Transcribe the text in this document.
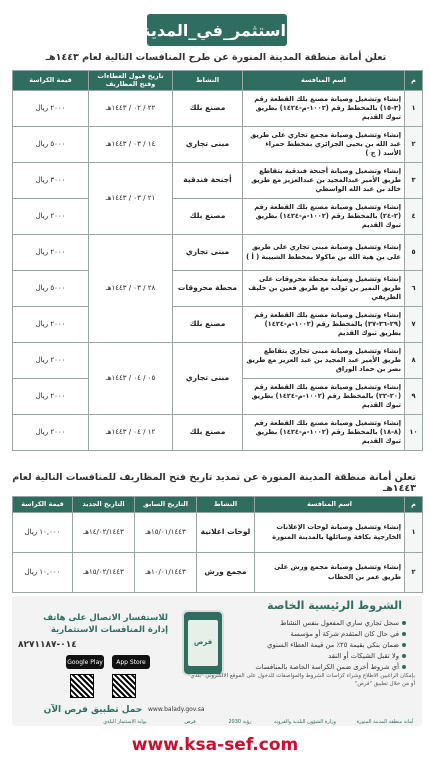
#استثمر_في_المدينة
تعلن أمانة منطقة المدينة المنورة عن طرح المنافسات التالية لعام ١٤٤٣هـ
م	اسم المنافسة	النشاط	تاريخ قبول العطاءات وفتح المظاريف	قيمة الكراسة
١	إنشاء وتشغيل وصيانة مصنع بلك القطعة رقم (٣-١٥) بالمخطط رقم (١٠٠٢-م-١٤٢٤) بطريق تبوك القديم	مصنع بلك	٢٢ / ٠٢ / ١٤٤٣هـ	٢٠٠٠ ريال
٢	إنشاء وتشغيل وصيانة مجمع تجاري على طريق عبد الله بن يحيى الجزائري بمخطط حمراء الأسد ( ج )	مبنى تجاري	١٤ / ٠٣ / ١٤٤٣هـ	٥٠٠٠ ريال
٣	إنشاء وتشغيل وصيانة أجنحة فندقية بتقاطع طريق الأمير عبدالمجيد بن عبدالعزيز مع طريق خالد بن عبد الله الواسطي	أجنحة فندقية	٢١ / ٠٣ / ١٤٤٣هـ	٣٠٠٠ ريال
٤	إنشاء وتشغيل وصيانة مصنع بلك القطعة رقم (٢-٢٤) بالمخطط رقم (١٠٠٢-م-١٤٢٤) بطريق تبوك القديم	مصنع بلك		٢٠٠٠ ريال
٥	إنشاء وتشغيل وصيانة مبنى تجاري على طريق على بن هبة الله بن ماكولا بمخطط الشبيبة ( أ )	مبنى تجاري	٢٨ / ٠٣ / ١٤٤٣هـ	٢٠٠٠ ريال
٦	إنشاء وتشغيل وصيانة محطة محروقات على طريق النمير بن ثولب مع طريق قعين بن حليف الطريفي	محطة محروقات		٥٠٠٠ ريال
٧	إنشاء وتشغيل وصيانة مصنع بلك القطعة رقم (٢٩-٣٦-٣٧) بالمخطط رقم (١٠٠٢-م-١٤٢٤) بطريق تبوك القديم	مصنع بلك		٢٠٠٠ ريال
٨	إنشاء وتشغيل وصيانة مبنى تجاري بتقاطع طريق الأمير عبد المجيد بن عبد العزيز مع طريق نصر بن حماد الوراق	مبنى تجاري	٠٥ / ٠٤ / ١٤٤٣هـ	٢٠٠٠ ريال
٩	إنشاء وتشغيل وصيانة مصنع بلك القطعة رقم (٢٠-٢٢) بالمخطط رقم (١٠٠٢-م-١٤٢٤) بطريق تبوك القديم			٢٠٠٠ ريال
١٠	إنشاء وتشغيل وصيانة مصنع بلك القطعة رقم (٨-١٨) بالمخطط رقم (١٠٠٢-م-١٤٢٤) بطريق تبوك القديم	مصنع بلك	١٢ / ٠٤ / ١٤٤٣هـ	٢٠٠٠ ريال
تعلن أمانة منطقة المدينة المنورة عن تمديد تاريخ فتح المظاريف للمنافسات التالية لعام ١٤٤٣هـ
م	اسم المنافسة	النشاط	التاريخ السابق	التاريخ الجديد	قيمة الكراسة
١	إنشاء وتشغيل وصيانة لوحات الإعلانات الخارجية بكافة وسائلها بالمدينة المنورة	لوحات اعلانية	١٥/٠١/١٤٤٣هـ	١٤/٠٢/١٤٤٣هـ	١٠,٠٠٠ ريال
٢	إنشاء وتشغيل وصيانة مجمع ورش على طريق عمر بن الخطاب	مجمع ورش	١٠/٠١/١٤٤٣هـ	١٥/٠٢/١٤٤٣هـ	١٠,٠٠٠ ريال
الشروط الرئيسية الخاصة
سجل تجاري ساري المفعول بنفس النشاط
في حال كان المتقدم شركة أو مؤسسة
ضمان بنكي بقيمة ٢٥٪ من قيمة العطاء السنوي
ولا تقبل الشيكات أو النقد
أي شروط أخرى ضمن الكراسة الخاصة بالمنافسات
فرص
للاستفسار الاتصال على هاتف
إدارة المنافسات الاستثمارية
٠١٤-٨٢٧١١٨٧
App Store
Google Play
حمل تطبيق فرص الآن
بإمكان الراغبين الاطلاع وشراء كراسات الشروط والمواصفات للدخول على الموقع الالكتروني "بلدي" أو من خلال تطبيق "فرص"
www.balady.gov.sa
أمانة منطقة المدينة المنورة
وزارة الشؤون البلدية والقروية
رؤية 2030
فرص
بوابة الاستثمار البلدي
www.ksa-sef.com
